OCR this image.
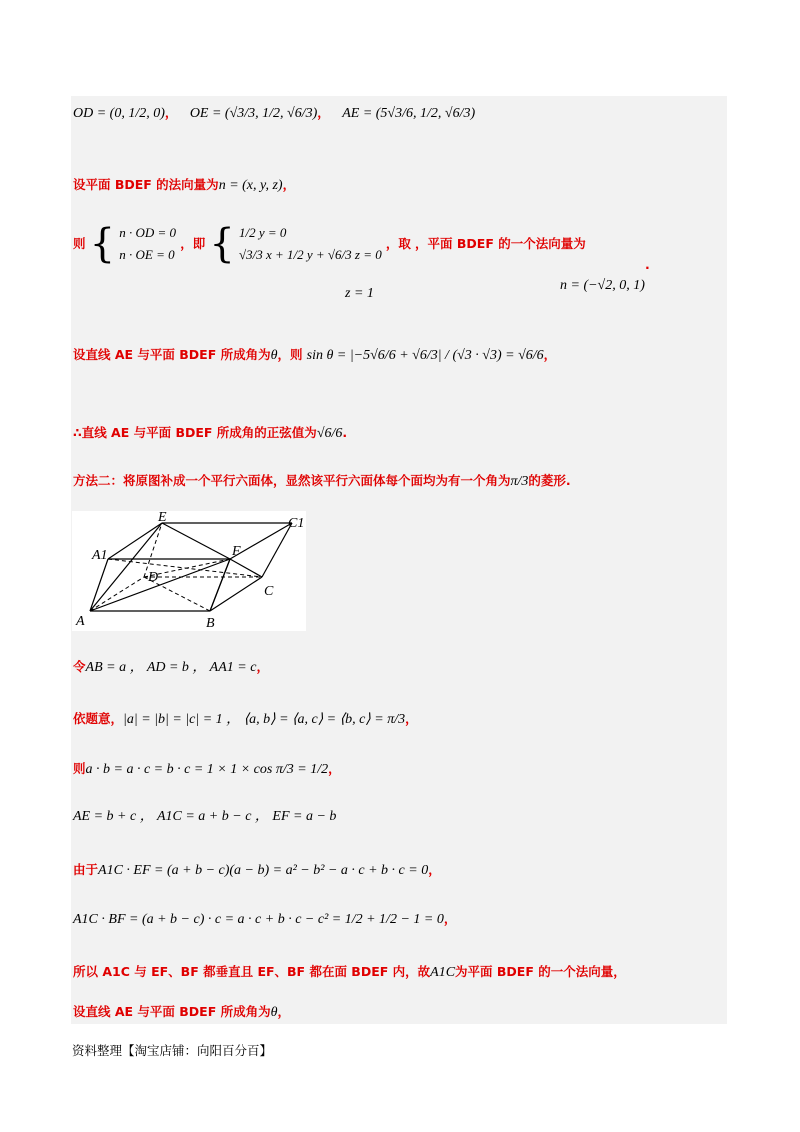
OD = (0, 1/2, 0)， OE = (√3/3, 1/2, √6/3)， AE = (5√3/6, 1/2, √6/3)
设平面 BDEF 的法向量为n = (x, y, z)，
则 { n · OD = 0
n · OE = 0
，即 { 1/2 y = 0
√3/3 x + 1/2 y + √6/3 z = 0
，取 ，平面 BDEF 的一个法向量为
z = 1
n = (−√2, 0, 1)
.
设直线 AE 与平面 BDEF 所成角为θ，则 sin θ = |−5√6/6 + √6/3| / (√3 · √3) = √6/6，
∴直线 AE 与平面 BDEF 所成角的正弦值为√6/6.
方法二：将原图补成一个平行六面体，显然该平行六面体每个面均为有一个角为π/3的菱形.
E	C1
A1	F
D
C
A	B
令AB = a ， AD = b ， AA1 = c，
依题意，|a| = |b| = |c| = 1 ， ⟨a, b⟩ = ⟨a, c⟩ = ⟨b, c⟩ = π/3，
则a · b = a · c = b · c = 1 × 1 × cos π/3 = 1/2，
AE = b + c ， A1C = a + b − c ， EF = a − b
由于A1C · EF = (a + b − c)(a − b) = a² − b² − a · c + b · c = 0，
A1C · BF = (a + b − c) · c = a · c + b · c − c² = 1/2 + 1/2 − 1 = 0，
所以 A1C 与 EF、BF 都垂直且 EF、BF 都在面 BDEF 内，故A1C为平面 BDEF 的一个法向量，
设直线 AE 与平面 BDEF 所成角为θ，
资料整理【淘宝店铺：向阳百分百】
